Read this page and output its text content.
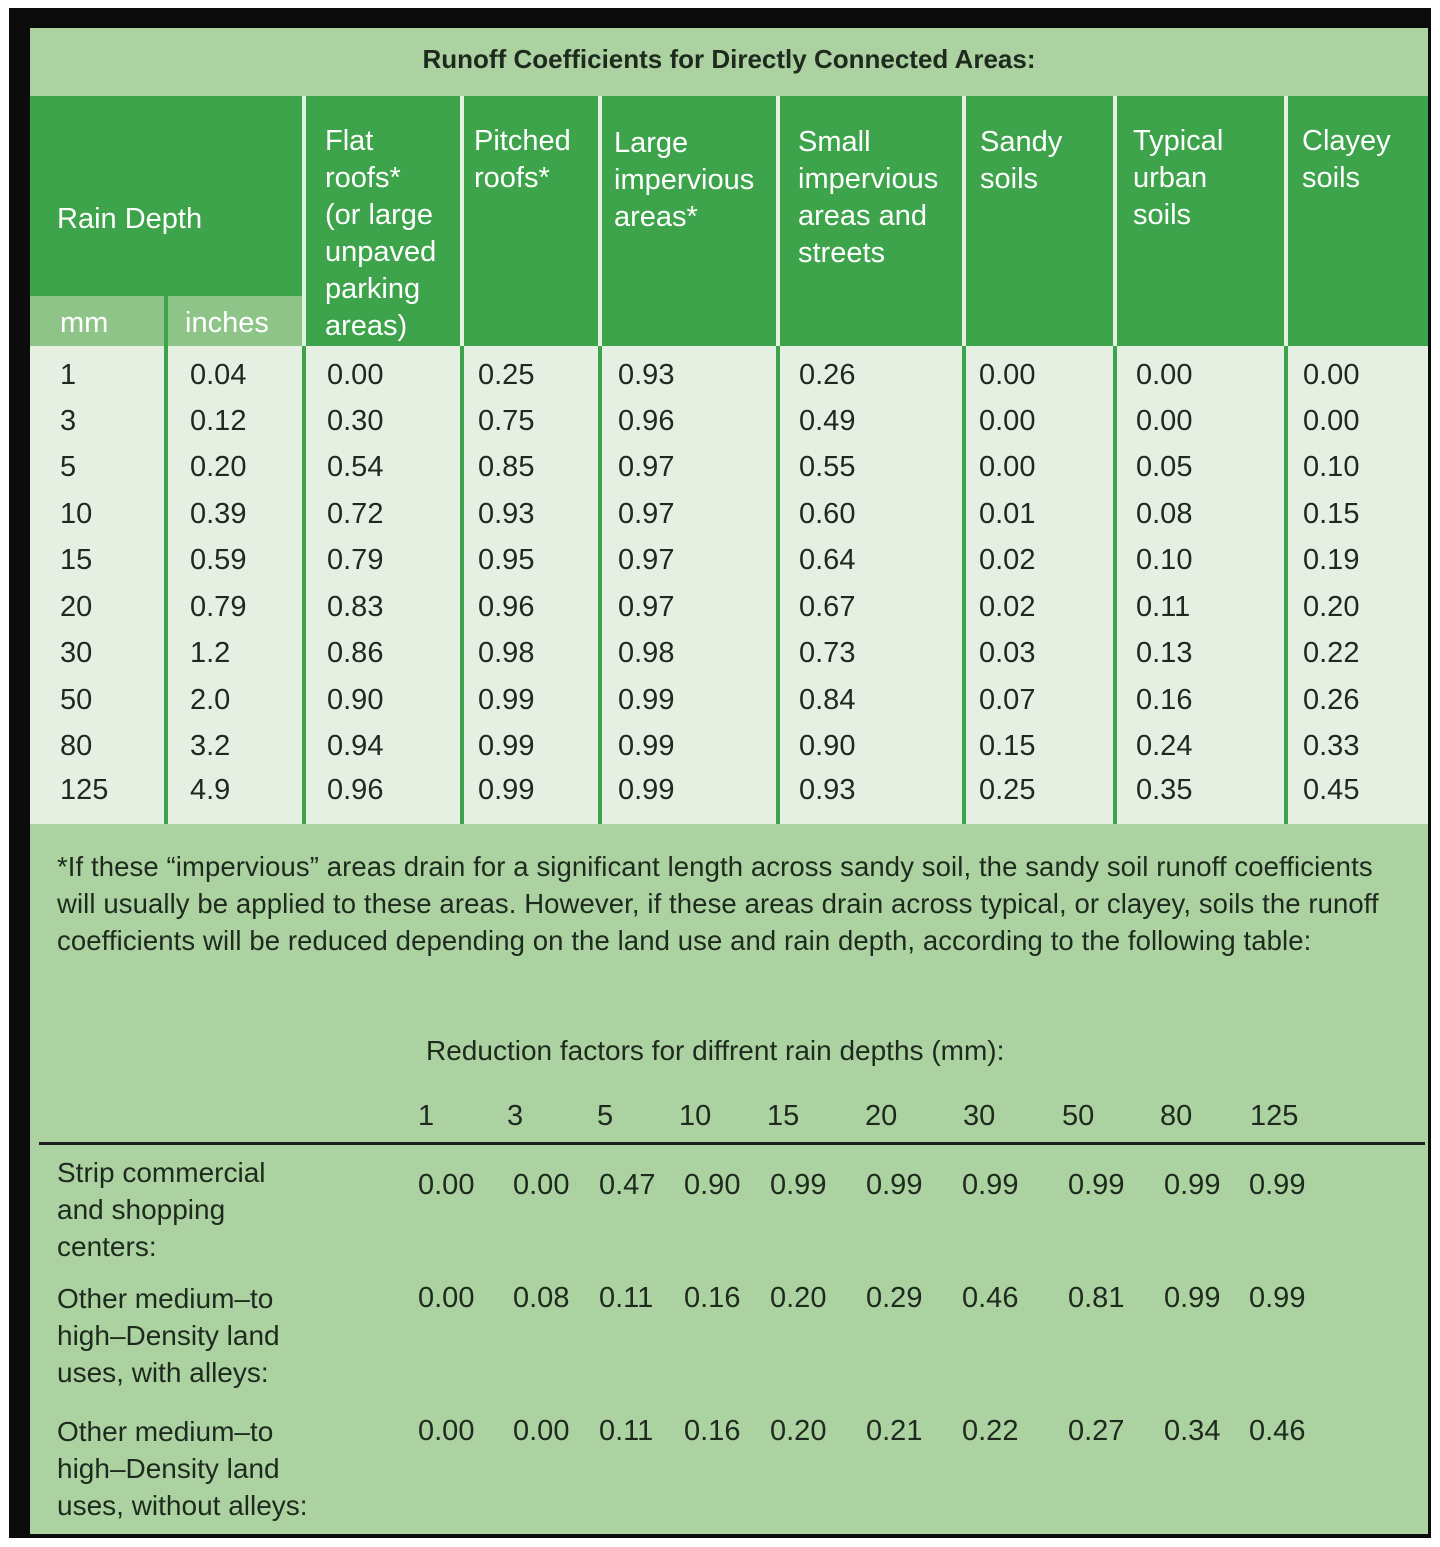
Runoff Coefficients for Directly Connected Areas:
Rain Depth
mm	inches
Flat
roofs*
(or large
unpaved
parking
areas)
Pitched
roofs*
Large
impervious
areas*
Small
impervious
areas and
streets
Sandy
soils
Typical
urban
soils
Clayey
soils
1	0.04	0.00	0.25	0.93	0.26	0.00	0.00	0.00
3	0.12	0.30	0.75	0.96	0.49	0.00	0.00	0.00
5	0.20	0.54	0.85	0.97	0.55	0.00	0.05	0.10
10	0.39	0.72	0.93	0.97	0.60	0.01	0.08	0.15
15	0.59	0.79	0.95	0.97	0.64	0.02	0.10	0.19
20	0.79	0.83	0.96	0.97	0.67	0.02	0.11	0.20
30	1.2	0.86	0.98	0.98	0.73	0.03	0.13	0.22
50	2.0	0.90	0.99	0.99	0.84	0.07	0.16	0.26
80	3.2	0.94	0.99	0.99	0.90	0.15	0.24	0.33
125	4.9	0.96	0.99	0.99	0.93	0.25	0.35	0.45
*If these “impervious” areas drain for a significant length across sandy soil, the sandy soil runoff coefficients will usually be applied to these areas. However, if these areas drain across typical, or clayey, soils the runoff coefficients will be reduced depending on the land use and rain depth, according to the following table:
Reduction factors for diffrent rain depths (mm):
1	3	5 10 15 20 30 50 80 125
Strip commercial
and shopping
centers:
0.00 0.00 0.47 0.90 0.99 0.99 0.99 0.99 0.99 0.99
Other medium–to
high–Density land
uses, with alleys:
0.00 0.08 0.11 0.16 0.20 0.29 0.46 0.81 0.99 0.99
Other medium–to
high–Density land
uses, without alleys:
0.00 0.00 0.11 0.16 0.20 0.21 0.22 0.27 0.34 0.46
